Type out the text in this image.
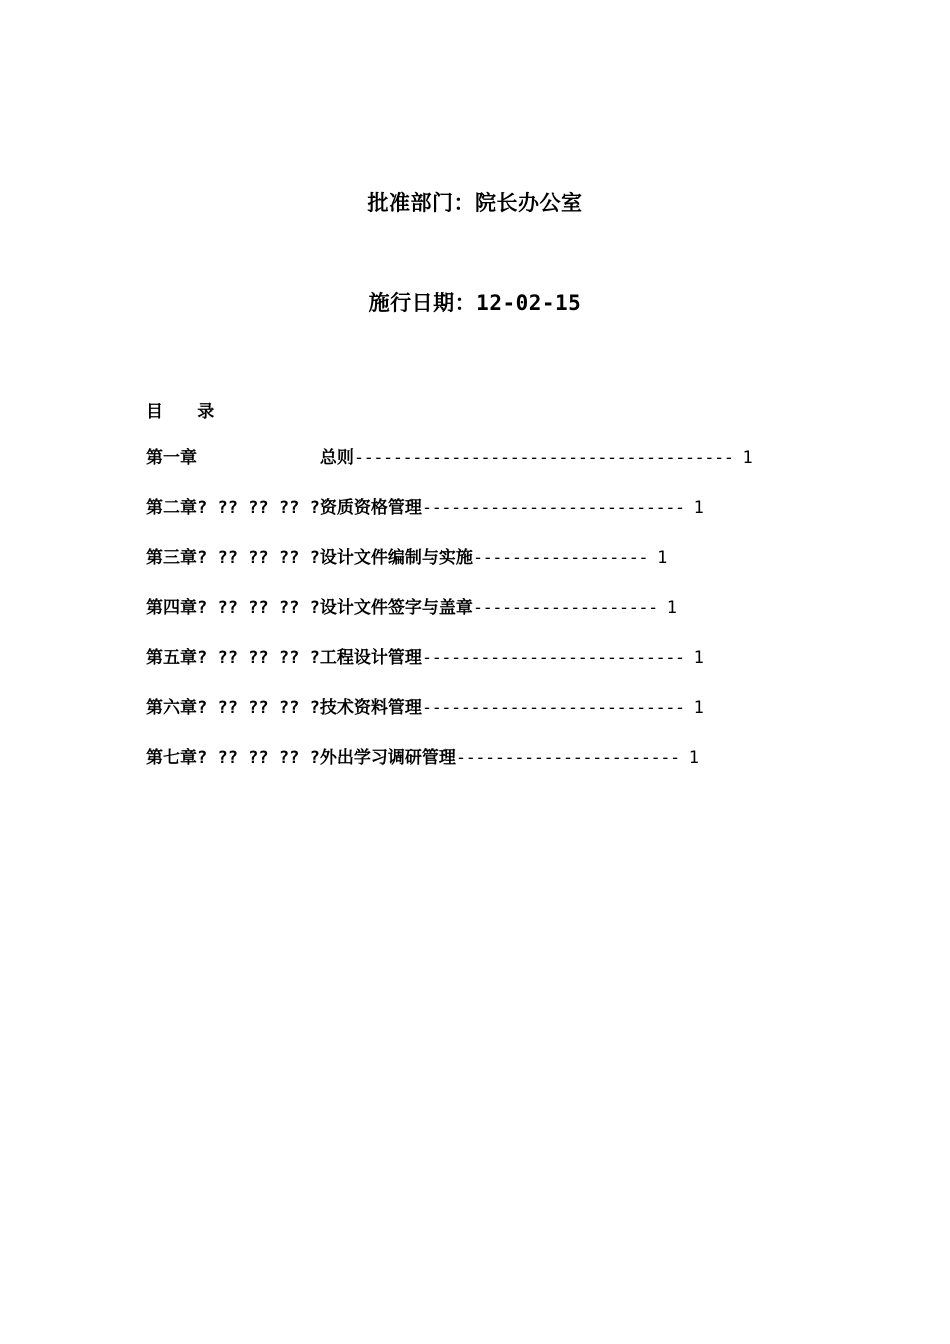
批准部门：院长办公室
施行日期：12-02-15
目 录
第一章	总则--------------------------------------- 1
第二章? ?? ?? ?? ?资质资格管理--------------------------- 1
第三章? ?? ?? ?? ?设计文件编制与实施------------------ 1
第四章? ?? ?? ?? ?设计文件签字与盖章------------------- 1
第五章? ?? ?? ?? ?工程设计管理--------------------------- 1
第六章? ?? ?? ?? ?技术资料管理--------------------------- 1
第七章? ?? ?? ?? ?外出学习调研管理----------------------- 1
